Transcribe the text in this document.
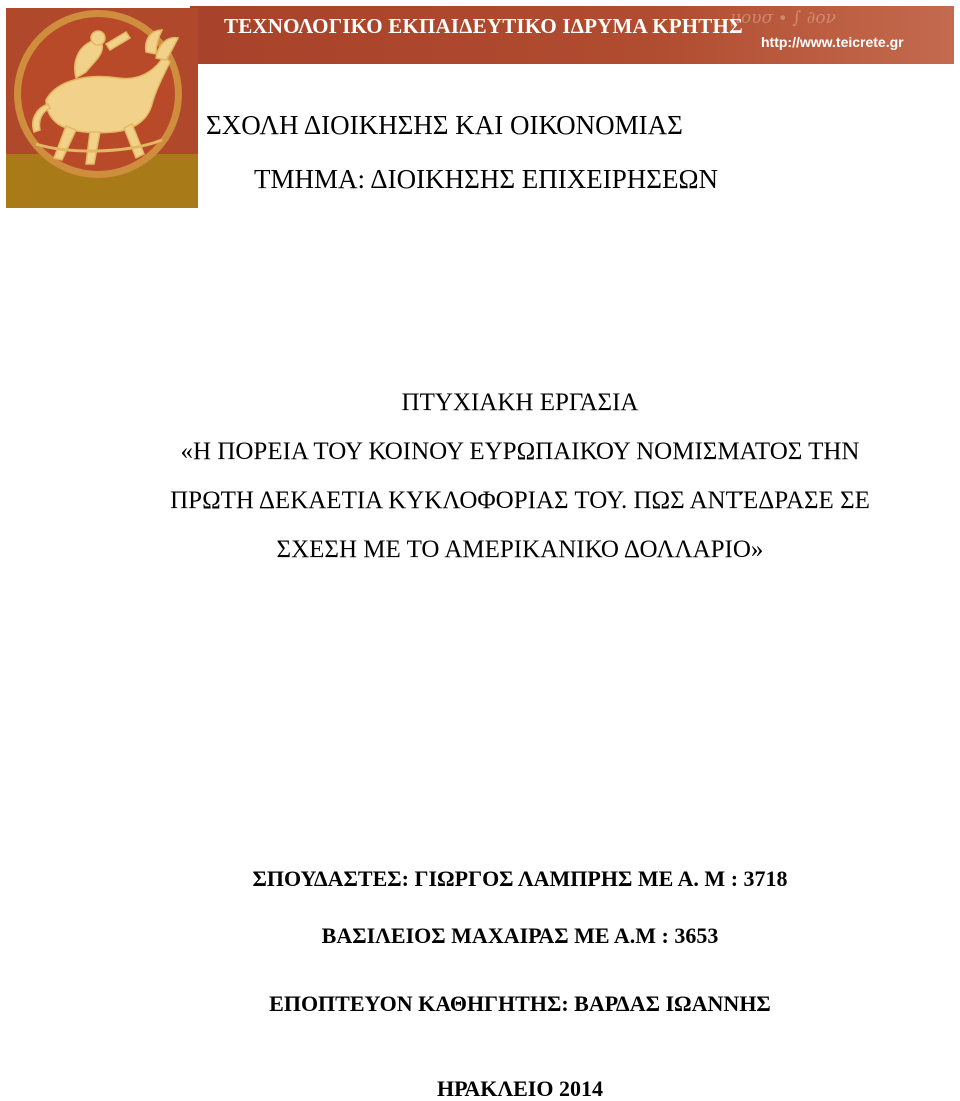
μουσ ∙ ∫ ∂ον
ΤΕΧΝΟΛΟΓΙΚΟ ΕΚΠΑΙΔΕΥΤΙΚΟ ΙΔΡΥΜΑ ΚΡΗΤΗΣ
http://www.teicrete.gr
ΣΧΟΛΗ ΔΙΟΙΚΗΣΗΣ ΚΑΙ ΟΙΚΟΝΟΜΙΑΣ
ΤΜΗΜΑ: ΔΙΟΙΚΗΣΗΣ ΕΠΙΧΕΙΡΗΣΕΩΝ
ΠΤΥΧΙΑΚΗ ΕΡΓΑΣΙΑ
«Η ΠΟΡΕΙΑ ΤΟΥ ΚΟΙΝΟΥ ΕΥΡΩΠΑΙΚΟΥ ΝΟΜΙΣΜΑΤΟΣ ΤΗΝ
ΠΡΩΤΗ ΔΕΚΑΕΤΙΑ ΚΥΚΛΟΦΟΡΙΑΣ ΤΟΥ. ΠΩΣ ΑΝΤΈΔΡΑΣΕ ΣΕ
ΣΧΕΣΗ ΜΕ ΤΟ ΑΜΕΡΙΚΑΝΙΚΟ ΔΟΛΛΑΡΙΟ»
ΣΠΟΥΔΑΣΤΕΣ: ΓΙΩΡΓΟΣ ΛΑΜΠΡΗΣ ΜΕ Α. Μ : 3718
ΒΑΣΙΛΕΙΟΣ ΜΑΧΑΙΡΑΣ ΜΕ Α.Μ : 3653
ΕΠΟΠΤΕΥΟΝ ΚΑΘΗΓΗΤΗΣ: ΒΑΡΔΑΣ ΙΩΑΝΝΗΣ
ΗΡΑΚΛΕΙΟ 2014
